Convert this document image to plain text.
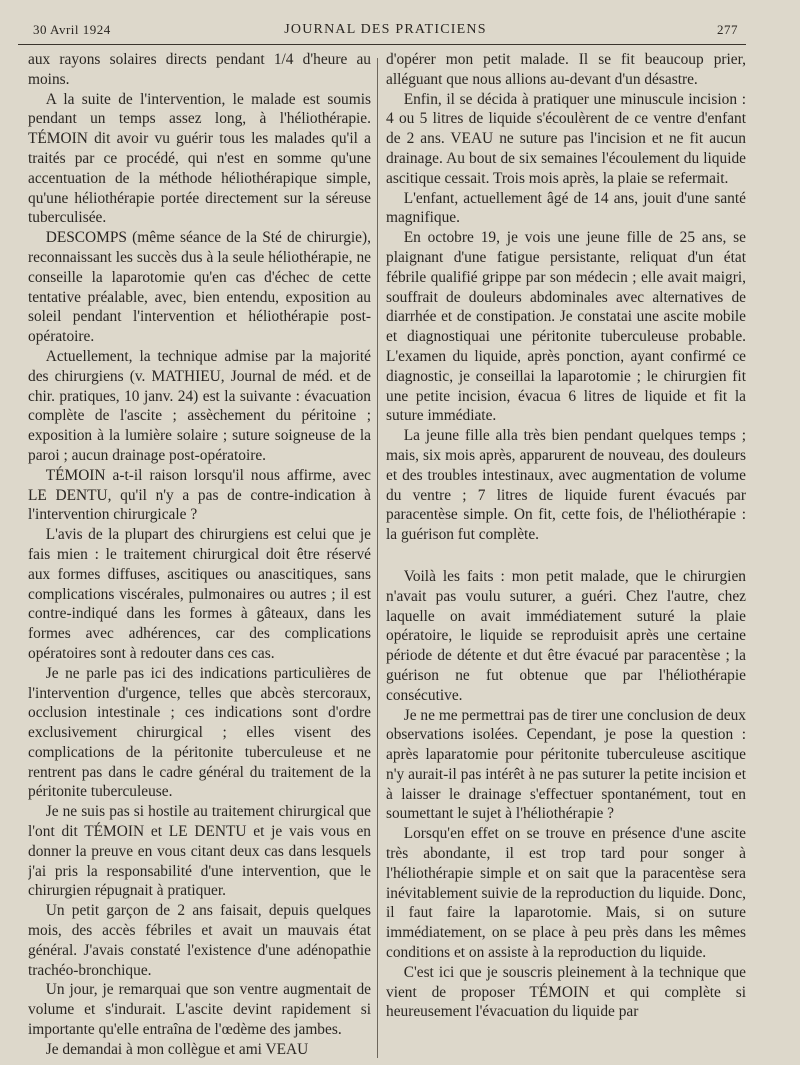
30 Avril 1924	JOURNAL DES PRATICIENS	277

aux rayons solaires directs pendant 1/4 d'heure au moins.

A la suite de l'intervention, le malade est soumis pendant un temps assez long, à l'héliothérapie. TÉMOIN dit avoir vu guérir tous les malades qu'il a traités par ce procédé, qui n'est en somme qu'une accentuation de la méthode héliothérapique simple, qu'une héliothérapie portée directement sur la séreuse tuberculisée.

DESCOMPS (même séance de la Sté de chirurgie), reconnaissant les succès dus à la seule héliothérapie, ne conseille la laparotomie qu'en cas d'échec de cette tentative préalable, avec, bien entendu, exposition au soleil pendant l'intervention et héliothérapie post-opératoire.

Actuellement, la technique admise par la majorité des chirurgiens (v. MATHIEU, Journal de méd. et de chir. pratiques, 10 janv. 24) est la suivante : évacuation complète de l'ascite ; assèchement du péritoine ; exposition à la lumière solaire ; suture soigneuse de la paroi ; aucun drainage post-opératoire.

TÉMOIN a-t-il raison lorsqu'il nous affirme, avec LE DENTU, qu'il n'y a pas de contre-indication à l'intervention chirurgicale ?

L'avis de la plupart des chirurgiens est celui que je fais mien : le traitement chirurgical doit être réservé aux formes diffuses, ascitiques ou anascitiques, sans complications viscérales, pulmonaires ou autres ; il est contre-indiqué dans les formes à gâteaux, dans les formes avec adhérences, car des complications opératoires sont à redouter dans ces cas.

Je ne parle pas ici des indications particulières de l'intervention d'urgence, telles que abcès stercoraux, occlusion intestinale ; ces indications sont d'ordre exclusivement chirurgical ; elles visent des complications de la péritonite tuberculeuse et ne rentrent pas dans le cadre général du traitement de la péritonite tuberculeuse.

Je ne suis pas si hostile au traitement chirurgical que l'ont dit TÉMOIN et LE DENTU et je vais vous en donner la preuve en vous citant deux cas dans lesquels j'ai pris la responsabilité d'une intervention, que le chirurgien répugnait à pratiquer.

Un petit garçon de 2 ans faisait, depuis quelques mois, des accès fébriles et avait un mauvais état général. J'avais constaté l'existence d'une adénopathie trachéo-bronchique.

Un jour, je remarquai que son ventre augmentait de volume et s'indurait. L'ascite devint rapidement si importante qu'elle entraîna de l'œdème des jambes.

Je demandai à mon collègue et ami VEAU

d'opérer mon petit malade. Il se fit beaucoup prier, alléguant que nous allions au-devant d'un désastre.

Enfin, il se décida à pratiquer une minuscule incision : 4 ou 5 litres de liquide s'écoulèrent de ce ventre d'enfant de 2 ans. VEAU ne suture pas l'incision et ne fit aucun drainage. Au bout de six semaines l'écoulement du liquide ascitique cessait. Trois mois après, la plaie se refermait.

L'enfant, actuellement âgé de 14 ans, jouit d'une santé magnifique.

En octobre 19, je vois une jeune fille de 25 ans, se plaignant d'une fatigue persistante, reliquat d'un état fébrile qualifié grippe par son médecin ; elle avait maigri, souffrait de douleurs abdominales avec alternatives de diarrhée et de constipation. Je constatai une ascite mobile et diagnostiquai une péritonite tuberculeuse probable. L'examen du liquide, après ponction, ayant confirmé ce diagnostic, je conseillai la laparotomie ; le chirurgien fit une petite incision, évacua 6 litres de liquide et fit la suture immédiate.

La jeune fille alla très bien pendant quelques temps ; mais, six mois après, apparurent de nouveau, des douleurs et des troubles intestinaux, avec augmentation de volume du ventre ; 7 litres de liquide furent évacués par paracentèse simple. On fit, cette fois, de l'héliothérapie : la guérison fut complète.

Voilà les faits : mon petit malade, que le chirurgien n'avait pas voulu suturer, a guéri. Chez l'autre, chez laquelle on avait immédiatement suturé la plaie opératoire, le liquide se reproduisit après une certaine période de détente et dut être évacué par paracentèse ; la guérison ne fut obtenue que par l'héliothérapie consécutive.

Je ne me permettrai pas de tirer une conclusion de deux observations isolées. Cependant, je pose la question : après laparatomie pour péritonite tuberculeuse ascitique n'y aurait-il pas intérêt à ne pas suturer la petite incision et à laisser le drainage s'effectuer spontanément, tout en soumettant le sujet à l'héliothérapie ?

Lorsqu'en effet on se trouve en présence d'une ascite très abondante, il est trop tard pour songer à l'héliothérapie simple et on sait que la paracentèse sera inévitablement suivie de la reproduction du liquide. Donc, il faut faire la laparotomie. Mais, si on suture immédiatement, on se place à peu près dans les mêmes conditions et on assiste à la reproduction du liquide.

C'est ici que je souscris pleinement à la technique que vient de proposer TÉMOIN et qui complète si heureusement l'évacuation du liquide par
